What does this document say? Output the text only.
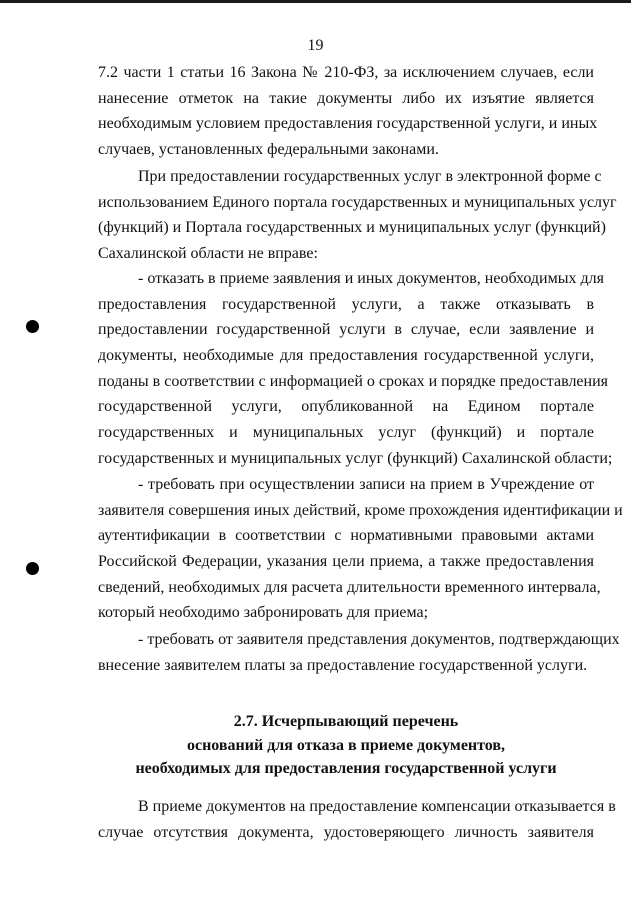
19
7.2 части 1 статьи 16 Закона № 210-ФЗ, за исключением случаев, если
нанесение отметок на такие документы либо их изъятие является
необходимым условием предоставления государственной услуги, и иных
случаев, установленных федеральными законами.
При предоставлении государственных услуг в электронной форме с
использованием Единого портала государственных и муниципальных услуг
(функций) и Портала государственных и муниципальных услуг (функций)
Сахалинской области не вправе:
- отказать в приеме заявления и иных документов, необходимых для
предоставления государственной услуги, а также отказывать в
предоставлении государственной услуги в случае, если заявление и
документы, необходимые для предоставления государственной услуги,
поданы в соответствии с информацией о сроках и порядке предоставления
государственной услуги, опубликованной на Едином портале
государственных и муниципальных услуг (функций) и портале
государственных и муниципальных услуг (функций) Сахалинской области;
- требовать при осуществлении записи на прием в Учреждение от
заявителя совершения иных действий, кроме прохождения идентификации и
аутентификации в соответствии с нормативными правовыми актами
Российской Федерации, указания цели приема, а также предоставления
сведений, необходимых для расчета длительности временного интервала,
который необходимо забронировать для приема;
- требовать от заявителя представления документов, подтверждающих
внесение заявителем платы за предоставление государственной услуги.
2.7. Исчерпывающий перечень
оснований для отказа в приеме документов,
необходимых для предоставления государственной услуги
В приеме документов на предоставление компенсации отказывается в
случае отсутствия документа, удостоверяющего личность заявителя
